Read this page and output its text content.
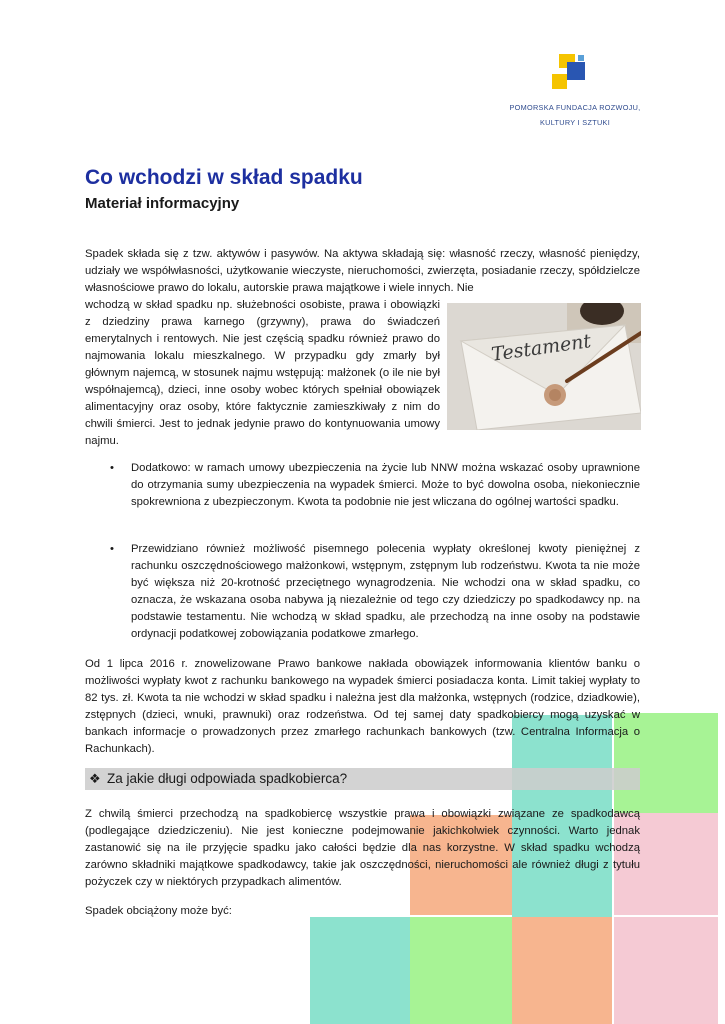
POMORSKA FUNDACJA ROZWOJU,
KULTURY I SZTUKI
Co wchodzi w skład spadku
Materiał informacyjny

Spadek składa się z tzw. aktywów i pasywów. Na aktywa składają się: własność rzeczy, własność pieniędzy, udziały we współwłasności, użytkowanie wieczyste, nieruchomości, zwierzęta, posiadanie rzeczy, spółdzielcze własnościowe prawo do lokalu, autorskie prawa majątkowe i wiele innych. Nie

wchodzą w skład spadku np. służebności osobiste, prawa i obowiązki z dziedziny prawa karnego (grzywny), prawa do świadczeń emerytalnych i rentowych. Nie jest częścią spadku również prawo do najmowania lokalu mieszkalnego. W przypadku gdy zmarły był głównym najemcą, w stosunek najmu wstępują: małżonek (o ile nie był współnajemcą), dzieci, inne osoby wobec których spełniał obowiązek alimentacyjny oraz osoby, które faktycznie zamieszkiwały z nim do chwili śmierci. Jest to jednak jedynie prawo do kontynuowania umowy najmu.

Testament
• Dodatkowo: w ramach umowy ubezpieczenia na życie lub NNW można wskazać osoby uprawnione do otrzymania sumy ubezpieczenia na wypadek śmierci. Może to być dowolna osoba, niekoniecznie spokrewniona z ubezpieczonym. Kwota ta podobnie nie jest wliczana do ogólnej wartości spadku.

• Przewidziano również możliwość pisemnego polecenia wypłaty określonej kwoty pieniężnej z rachunku oszczędnościowego małżonkowi, wstępnym, zstępnym lub rodzeństwu. Kwota ta nie może być większa niż 20-krotność przeciętnego wynagrodzenia. Nie wchodzi ona w skład spadku, co oznacza, że wskazana osoba nabywa ją niezależnie od tego czy dziedziczy po spadkodawcy np. na podstawie testamentu. Nie wchodzą w skład spadku, ale przechodzą na inne osoby na podstawie ordynacji podatkowej zobowiązania podatkowe zmarłego.

Od 1 lipca 2016 r. znowelizowane Prawo bankowe nakłada obowiązek informowania klientów banku o możliwości wypłaty kwot z rachunku bankowego na wypadek śmierci posiadacza konta. Limit takiej wypłaty to 82 tys. zł. Kwota ta nie wchodzi w skład spadku i należna jest dla małżonka, wstępnych (rodzice, dziadkowie), zstępnych (dzieci, wnuki, prawnuki) oraz rodzeństwa. Od tej samej daty spadkobiercy mogą uzyskać w bankach informacje o prowadzonych przez zmarłego rachunkach bankowych (tzw. Centralna Informacja o Rachunkach).

❖ Za jakie długi odpowiada spadkobierca?

Z chwilą śmierci przechodzą na spadkobiercę wszystkie prawa i obowiązki związane ze spadkodawcą (podlegające dziedziczeniu). Nie jest konieczne podejmowanie jakichkolwiek czynności. Warto jednak zastanowić się na ile przyjęcie spadku jako całości będzie dla nas korzystne. W skład spadku wchodzą zarówno składniki majątkowe spadkodawcy, takie jak oszczędności, nieruchomości ale również długi z tytułu pożyczek czy w niektórych przypadkach alimentów.

Spadek obciążony może być:
